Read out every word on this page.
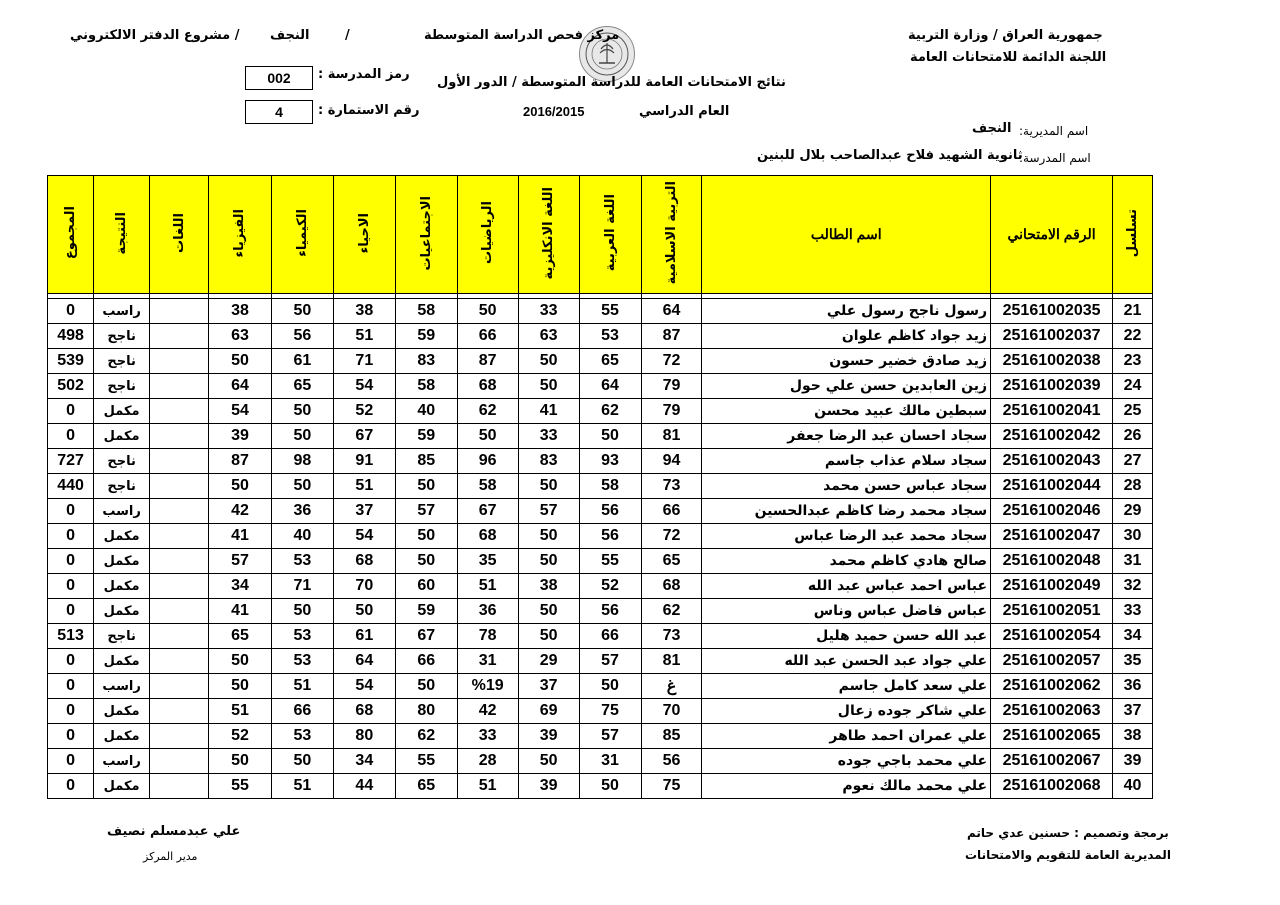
جمهورية العراق / وزارة التربية
اللجنة الدائمة للامتحانات العامة
مركز فحص الدراسة المتوسطة
/
النجف
/ مشروع الدفتر الالكتروني
نتائج الامتحانات العامة للدراسة المتوسطة / الدور الأول
رمز المدرسة :
002
رقم الاستمارة :
4	العام الدراسي
2016/2015
اسم المديرية:
النجف
اسم المدرسة:
ثانوية الشهيد فلاح عبدالصاحب بلال للبنين
تسلسل	الرقم الامتحاني	اسم الطالب	التربية الاسلامية	اللغة العربية	اللغة الانكليزية	الرياضيات	الاجتماعيات	الاحياء	الكيمياء	الفيزياء	اللغات	النتيجة	المجموع

21	25161002035	رسول ناجح رسول علي	64	55	33	50	58	38	50	38		راسب	0
22	25161002037	زيد جواد كاظم علوان	87	53	63	66	59	51	56	63		ناجح	498
23	25161002038	زيد صادق خضير حسون	72	65	50	87	83	71	61	50		ناجح	539
24	25161002039	زين العابدين حسن علي حول	79	64	50	68	58	54	65	64		ناجح	502
25	25161002041	سبطين مالك عبيد محسن	79	62	41	62	40	52	50	54		مكمل	0
26	25161002042	سجاد احسان عبد الرضا جعفر	81	50	33	50	59	67	50	39		مكمل	0
27	25161002043	سجاد سلام عذاب جاسم	94	93	83	96	85	91	98	87		ناجح	727
28	25161002044	سجاد عباس حسن محمد	73	58	50	58	50	51	50	50		ناجح	440
29	25161002046	سجاد محمد رضا كاظم عبدالحسين	66	56	57	67	57	37	36	42		راسب	0
30	25161002047	سجاد محمد عبد الرضا عباس	72	56	50	68	50	54	40	41		مكمل	0
31	25161002048	صالح هادي كاظم محمد	65	55	50	35	50	68	53	57		مكمل	0
32	25161002049	عباس احمد عباس عبد الله	68	52	38	51	60	70	71	34		مكمل	0
33	25161002051	عباس فاضل عباس وناس	62	56	50	36	59	50	50	41		مكمل	0
34	25161002054	عبد الله حسن حميد هليل	73	66	50	78	67	61	53	65		ناجح	513
35	25161002057	علي جواد عبد الحسن عبد الله	81	57	29	31	66	64	53	50		مكمل	0
36	25161002062	علي سعد كامل جاسم	غ	50	37	%19	50	54	51	50		راسب	0
37	25161002063	علي شاكر جوده زعال	70	75	69	42	80	68	66	51		مكمل	0
38	25161002065	علي عمران احمد طاهر	85	57	39	33	62	80	53	52		مكمل	0
39	25161002067	علي محمد باجي جوده	56	31	50	28	55	34	50	50		راسب	0
40	25161002068	علي محمد مالك نعوم	75	50	39	51	65	44	51	55		مكمل	0
برمجة وتصميم : حسنين عدي حاتم
المديرية العامة للتقويم والامتحانات
علي عبدمسلم نصيف
مدير المركز
